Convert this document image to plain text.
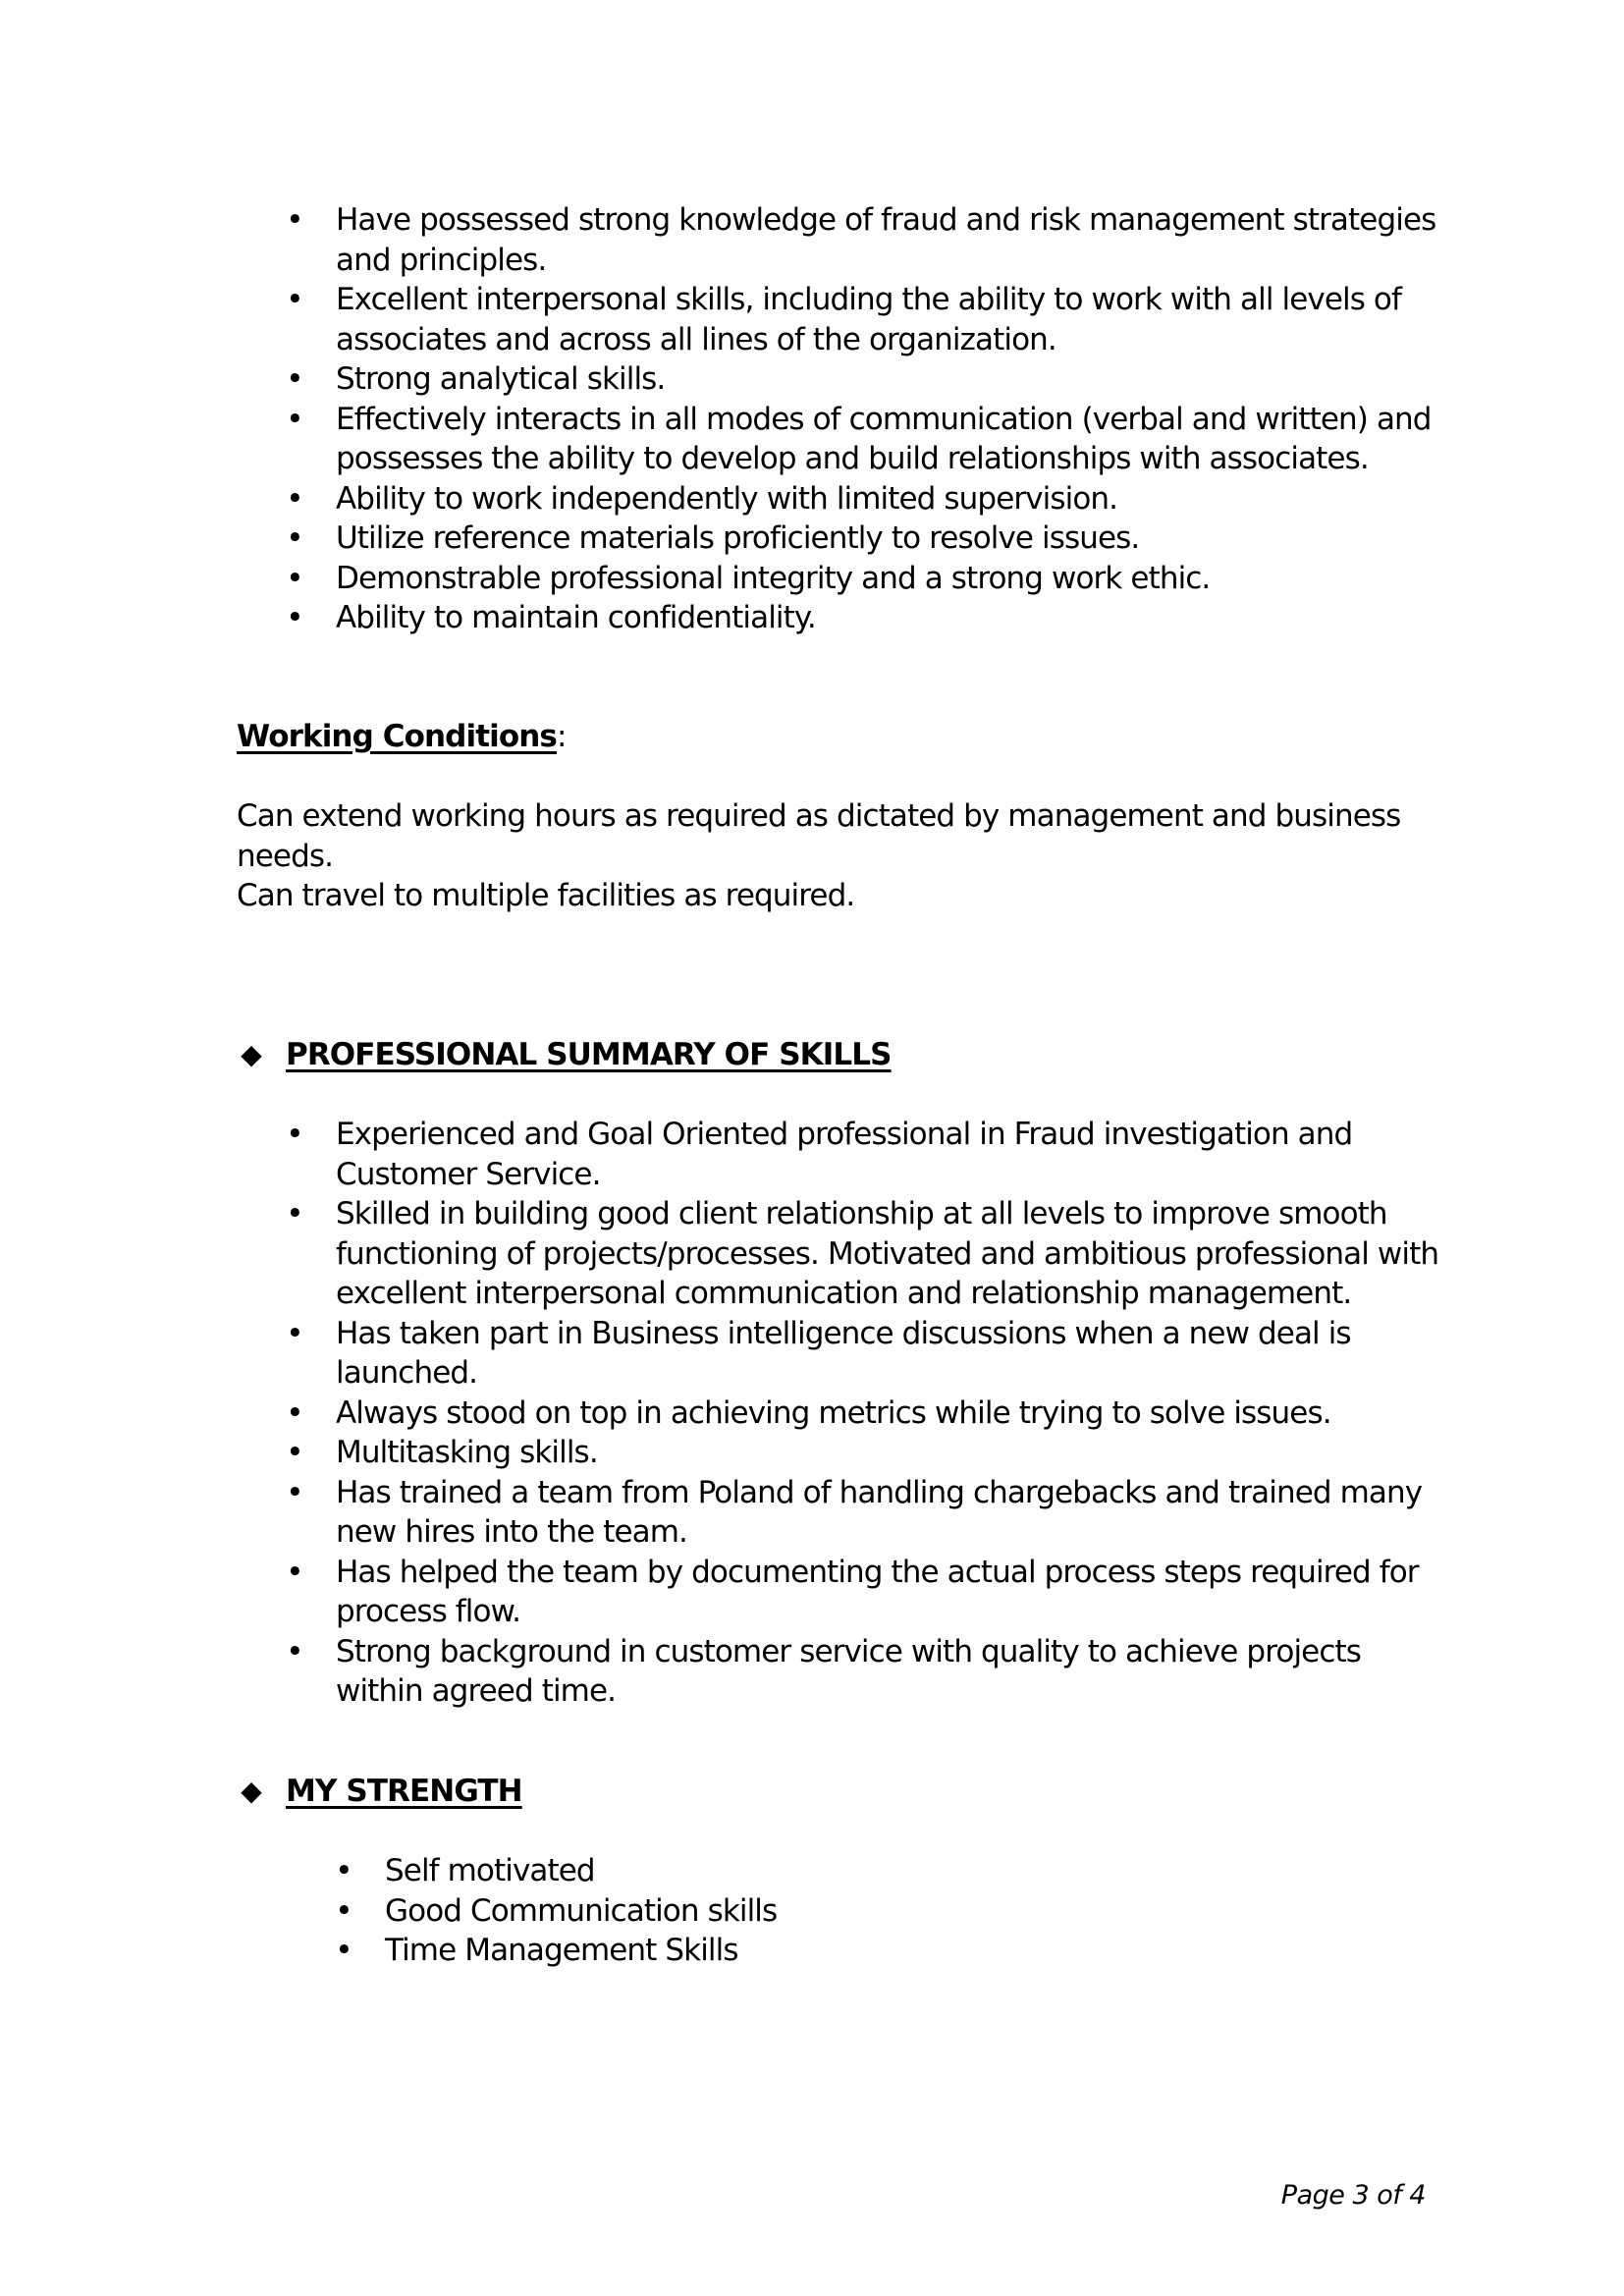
• Have possessed strong knowledge of fraud and risk management strategies and principles.
• Excellent interpersonal skills, including the ability to work with all levels of associates and across all lines of the organization.
• Strong analytical skills.
• Effectively interacts in all modes of communication (verbal and written) and possesses the ability to develop and build relationships with associates.
• Ability to work independently with limited supervision.
• Utilize reference materials proficiently to resolve issues.
• Demonstrable professional integrity and a strong work ethic.
• Ability to maintain confidentiality.
Working Conditions:

Can extend working hours as required as dictated by management and business needs.

Can travel to multiple facilities as required.

◆ PROFESSIONAL SUMMARY OF SKILLS
• Experienced and Goal Oriented professional in Fraud investigation and Customer Service.
• Skilled in building good client relationship at all levels to improve smooth functioning of projects/processes. Motivated and ambitious professional with excellent interpersonal communication and relationship management.
• Has taken part in Business intelligence discussions when a new deal is launched.
• Always stood on top in achieving metrics while trying to solve issues.
• Multitasking skills.
• Has trained a team from Poland of handling chargebacks and trained many new hires into the team.
• Has helped the team by documenting the actual process steps required for process flow.
• Strong background in customer service with quality to achieve projects within agreed time.
◆ MY STRENGTH
• Self motivated
• Good Communication skills
• Time Management Skills
Page 3 of 4
